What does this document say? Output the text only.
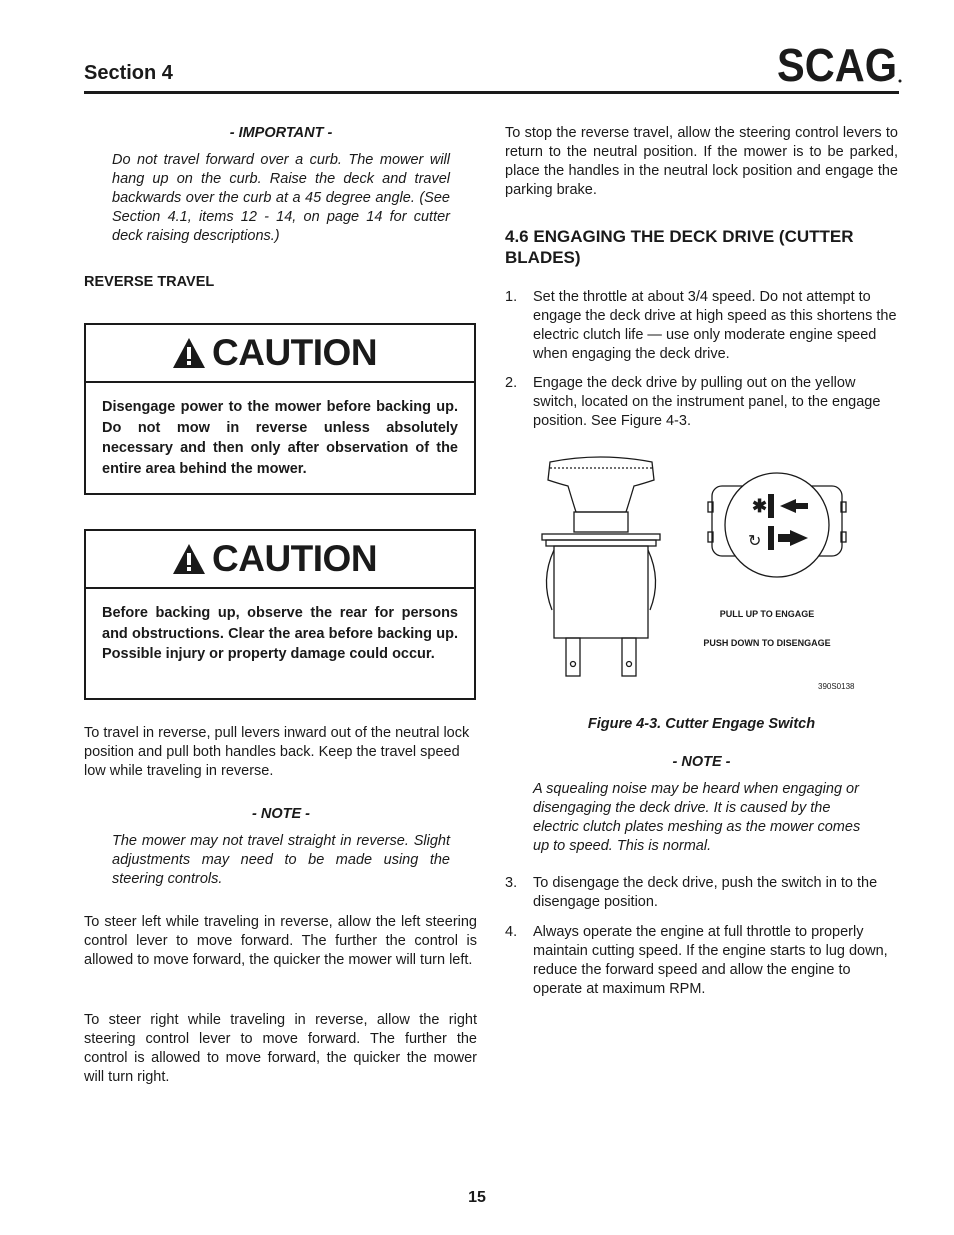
Section 4	SCAG
- IMPORTANT -
Do not travel forward over a curb. The mower will hang up on the curb. Raise the deck and travel backwards over the curb at a 45 degree angle. (See Section 4.1, items 12 - 14, on page 14 for cutter deck raising descriptions.)
REVERSE TRAVEL
CAUTION
Disengage power to the mower before backing up. Do not mow in reverse unless absolutely necessary and then only after observation of the entire area behind the mower.
CAUTION
Before backing up, observe the rear for persons and obstructions. Clear the area before backing up. Possible injury or property damage could occur.
To travel in reverse, pull levers inward out of the neutral lock position and pull both handles back. Keep the travel speed low while traveling in reverse.
- NOTE -
The mower may not travel straight in reverse. Slight adjustments may need to be made using the steering controls.
To steer left while traveling in reverse, allow the left steering control lever to move forward. The further the control is allowed to move forward, the quicker the mower will turn left.
To steer right while traveling in reverse, allow the right steering control lever to move forward. The further the control is allowed to move forward, the quicker the mower will turn right.
To stop the reverse travel, allow the steering control levers to return to the neutral position. If the mower is to be parked, place the handles in the neutral lock position and engage the parking brake.
4.6 ENGAGING THE DECK DRIVE (CUTTER BLADES)
1. Set the throttle at about 3/4 speed. Do not attempt to engage the deck drive at high speed as this shortens the electric clutch life — use only moderate engine speed when engaging the deck drive.
2. Engage the deck drive by pulling out on the yellow switch, located on the instrument panel, to the engage position. See Figure 4-3.
✱
↻
PULL UP TO ENGAGE
PUSH DOWN TO DISENGAGE
390S0138
Figure 4-3. Cutter Engage Switch
- NOTE -
A squealing noise may be heard when engaging or disengaging the deck drive. It is caused by the electric clutch plates meshing as the mower comes up to speed. This is normal.
3. To disengage the deck drive, push the switch in to the disengage position.
4. Always operate the engine at full throttle to properly maintain cutting speed. If the engine starts to lug down, reduce the forward speed and allow the engine to operate at maximum RPM.
15
